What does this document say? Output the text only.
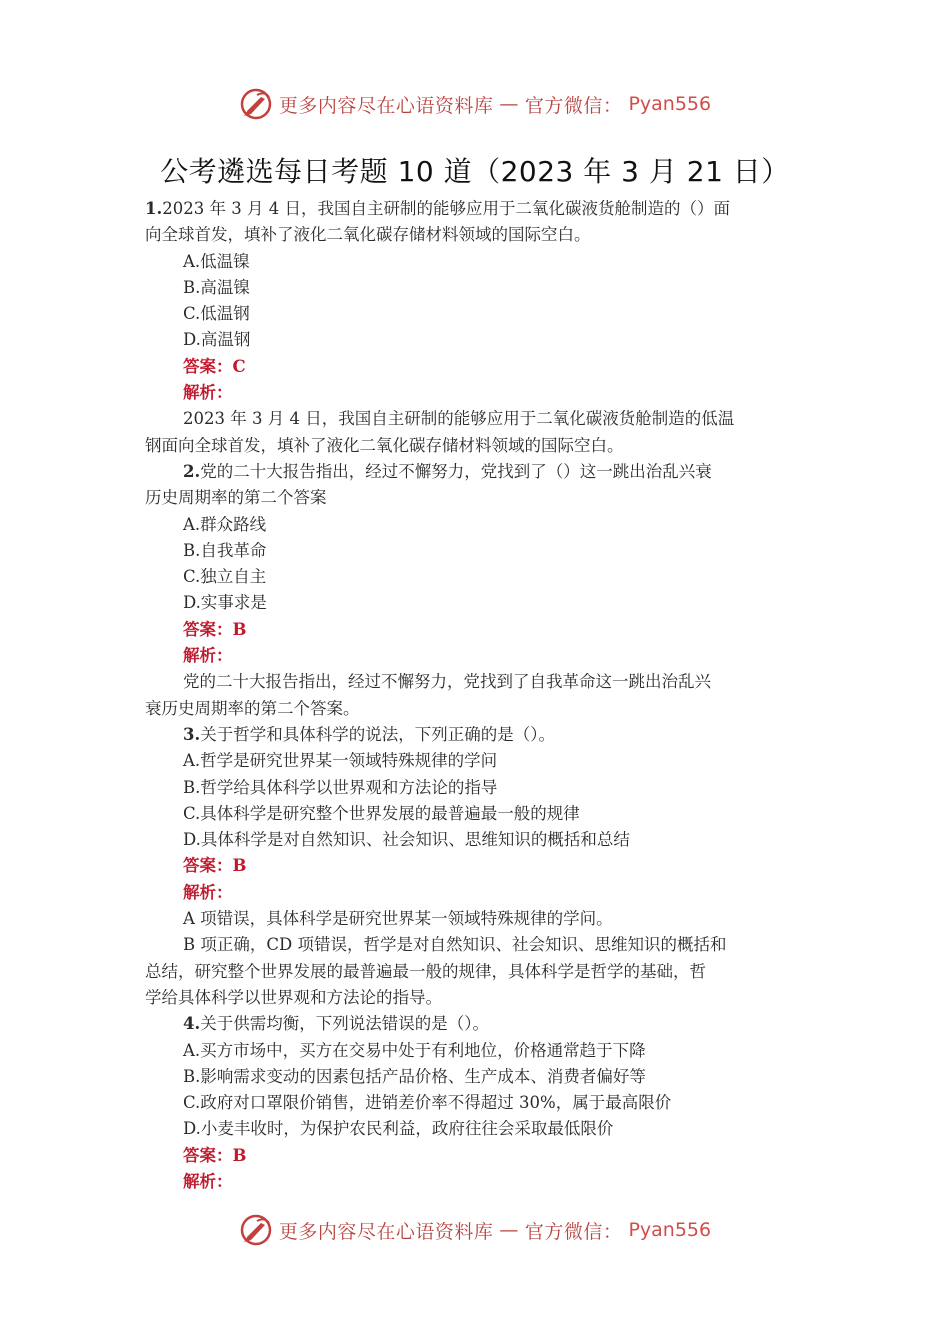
更多内容尽在心语资料库 — 官方微信： Pyan556
公考遴选每日考题 10 道（2023 年 3 月 21 日）

1.2023 年 3 月 4 日，我国自主研制的能够应用于二氧化碳液货舱制造的（）面

向全球首发，填补了液化二氧化碳存储材料领域的国际空白。

A.低温镍

B.高温镍

C.低温钢

D.高温钢

答案：C

解析：

2023 年 3 月 4 日，我国自主研制的能够应用于二氧化碳液货舱制造的低温

钢面向全球首发，填补了液化二氧化碳存储材料领域的国际空白。

2.党的二十大报告指出，经过不懈努力，党找到了（）这一跳出治乱兴衰

历史周期率的第二个答案

A.群众路线

B.自我革命

C.独立自主

D.实事求是

答案：B

解析：

党的二十大报告指出，经过不懈努力，党找到了自我革命这一跳出治乱兴

衰历史周期率的第二个答案。

3.关于哲学和具体科学的说法，下列正确的是（）。

A.哲学是研究世界某一领域特殊规律的学问

B.哲学给具体科学以世界观和方法论的指导

C.具体科学是研究整个世界发展的最普遍最一般的规律

D.具体科学是对自然知识、社会知识、思维知识的概括和总结

答案：B

解析：

A 项错误，具体科学是研究世界某一领域特殊规律的学问。

B 项正确，CD 项错误，哲学是对自然知识、社会知识、思维知识的概括和

总结，研究整个世界发展的最普遍最一般的规律，具体科学是哲学的基础，哲

学给具体科学以世界观和方法论的指导。

4.关于供需均衡，下列说法错误的是（）。

A.买方市场中，买方在交易中处于有利地位，价格通常趋于下降

B.影响需求变动的因素包括产品价格、生产成本、消费者偏好等

C.政府对口罩限价销售，进销差价率不得超过 30%，属于最高限价

D.小麦丰收时，为保护农民利益，政府往往会采取最低限价

答案：B

解析：

更多内容尽在心语资料库 — 官方微信： Pyan556
